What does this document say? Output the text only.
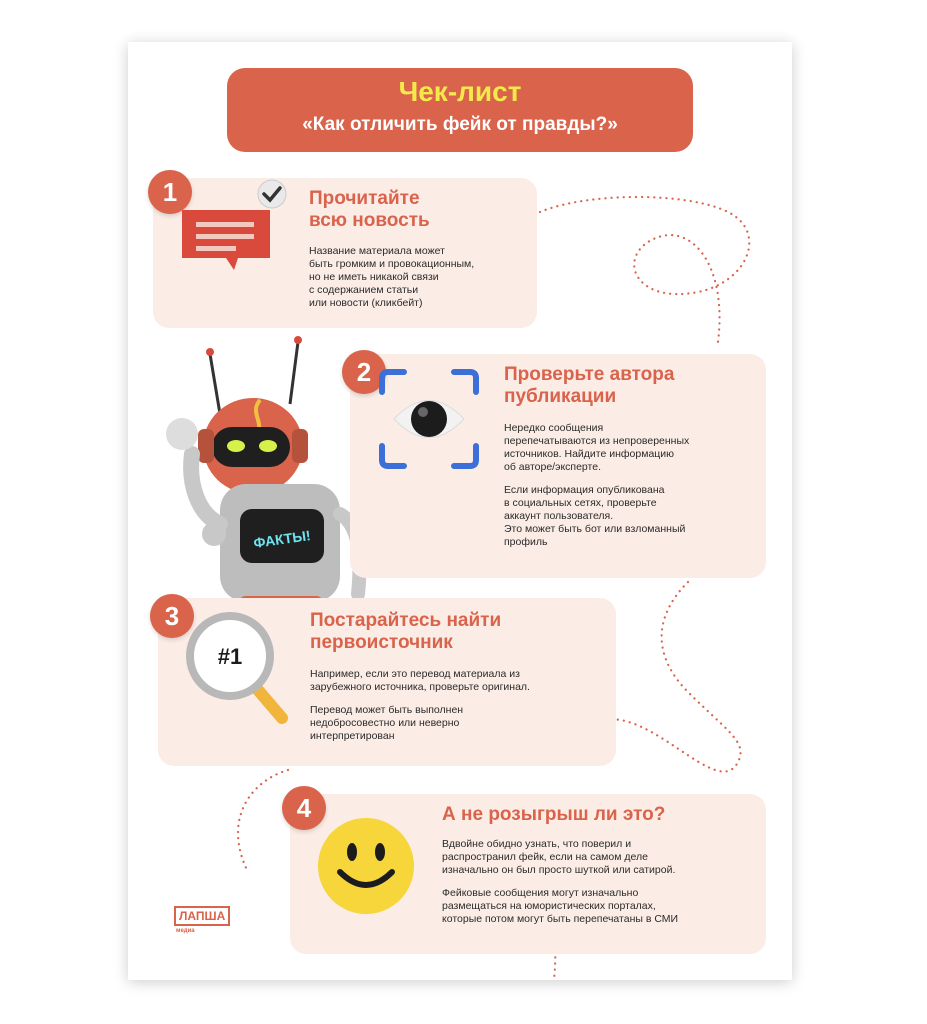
Чек-лист
«Как отличить фейк от правды?»
1	Прочитайте
всю новость
Название материала может
быть громким и провокационным,
но не иметь никакой связи
с содержанием статьи
или новости (кликбейт)
ФАКТЫ!
2	Проверьте автора
публикации
Нередко сообщения
перепечатываются из непроверенных
источников. Найдите информацию
об авторе/эксперте.
Если информация опубликована
в социальных сетях, проверьте
аккаунт пользователя.
Это может быть бот или взломанный
профиль
3
#1
Постарайтесь найти
первоисточник
Например, если это перевод материала из
зарубежного источника, проверьте оригинал.
Перевод может быть выполнен
недобросовестно или неверно
интерпретирован
4	А не розыгрыш ли это?
Вдвойне обидно узнать, что поверил и
распространил фейк, если на самом деле
изначально он был просто шуткой или сатирой.
Фейковые сообщения могут изначально
размещаться на юмористических порталах,
которые потом могут быть перепечатаны в СМИ
ЛАПША
медиа
